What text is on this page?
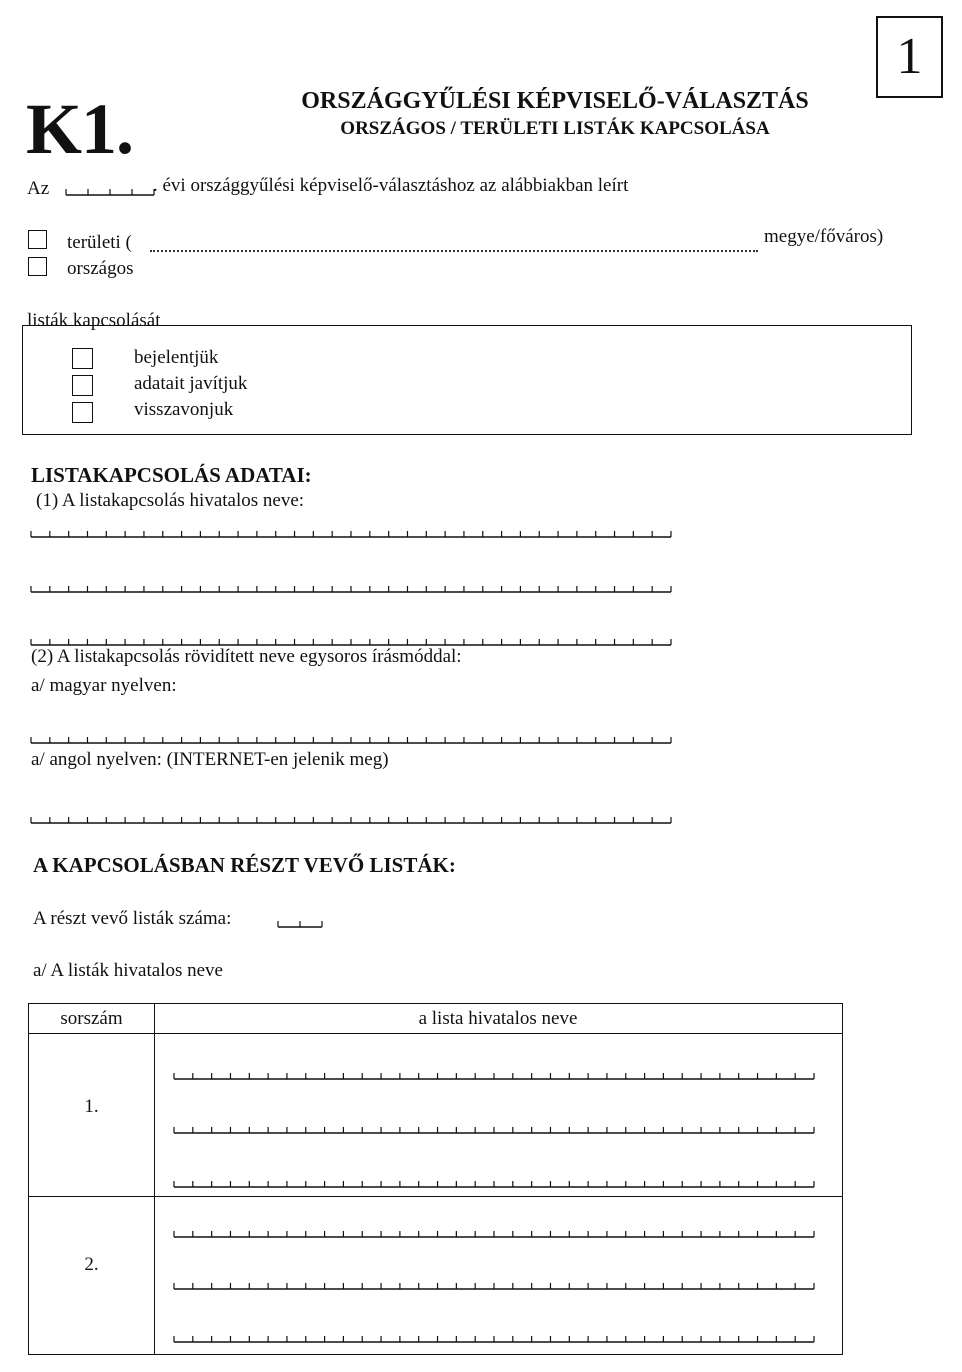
1
K1.	ORSZÁGGYŰLÉSI KÉPVISELŐ-VÁLASZTÁS
ORSZÁGOS / TERÜLETI LISTÁK KAPCSOLÁSA
Az	. évi országgyűlési képviselő-választáshoz az alábbiakban leírt
területi (	megye/főváros)
országos
listák kapcsolását
bejelentjük
adatait javítjuk
visszavonjuk
LISTAKAPCSOLÁS ADATAI:
(1) A listakapcsolás hivatalos neve:
(2) A listakapcsolás rövidített neve egysoros írásmóddal:
a/ magyar nyelven:
a/ angol nyelven: (INTERNET-en jelenik meg)
A KAPCSOLÁSBAN RÉSZT VEVŐ LISTÁK:
A részt vevő listák száma:
a/ A listák hivatalos neve
sorszám	a lista hivatalos neve
1.
2.
